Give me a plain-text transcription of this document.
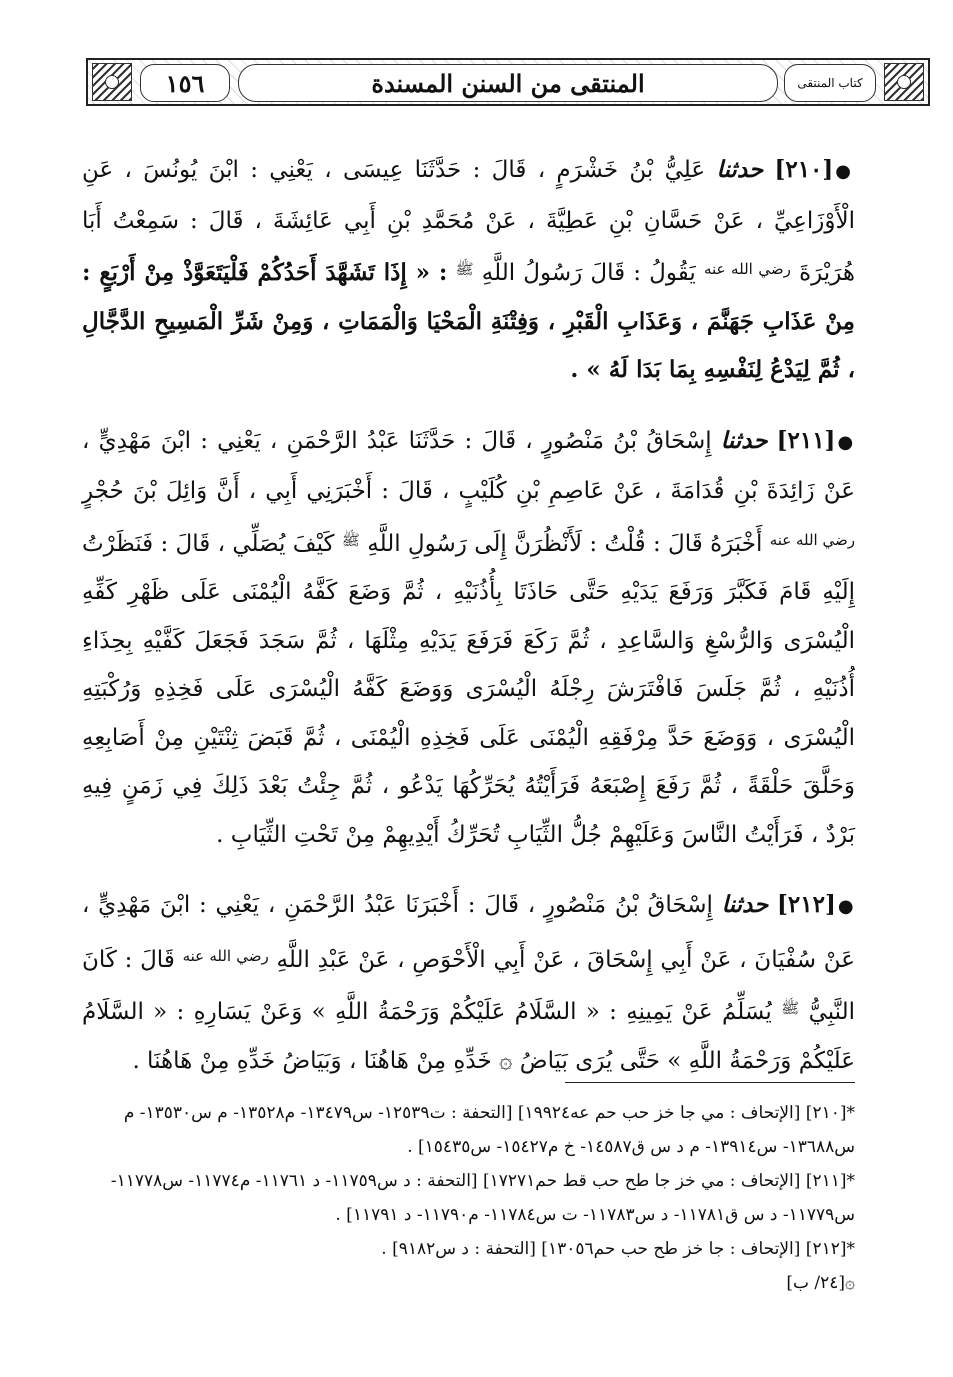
كتاب المنتقى
المنتقى من السنن المسندة
١٥٦

●[٢١٠] حدثنا عَلِيُّ بْنُ خَشْرَمٍ ، قَالَ : حَدَّثَنَا عِيسَى ، يَعْنِي : ابْنَ يُونُسَ ، عَنِ الْأَوْزَاعِيِّ ، عَنْ حَسَّانِ بْنِ عَطِيَّةَ ، عَنْ مُحَمَّدِ بْنِ أَبِي عَائِشَةَ ، قَالَ : سَمِعْتُ أَبَا هُرَيْرَةَ $^{رضي الله عنه}$ يَقُولُ : قَالَ رَسُولُ اللَّهِ $^ﷺ$ : « إِذَا تَشَهَّدَ أَحَدُكُمْ فَلْيَتَعَوَّذْ مِنْ أَرْبَعٍ : مِنْ عَذَابِ جَهَنَّمَ ، وَعَذَابِ الْقَبْرِ ، وَفِتْنَةِ الْمَحْيَا وَالْمَمَاتِ ، وَمِنْ شَرِّ الْمَسِيحِ الدَّجَّالِ ، ثُمَّ لِيَدْعُ لِنَفْسِهِ بِمَا بَدَا لَهُ » .

●[٢١١] حدثنا إِسْحَاقُ بْنُ مَنْصُورٍ ، قَالَ : حَدَّثَنَا عَبْدُ الرَّحْمَنِ ، يَعْنِي : ابْنَ مَهْدِيٍّ ، عَنْ زَائِدَةَ بْنِ قُدَامَةَ ، عَنْ عَاصِمِ بْنِ كُلَيْبٍ ، قَالَ : أَخْبَرَنِي أَبِي ، أَنَّ وَائِلَ بْنَ حُجْرٍ $^{رضي الله عنه}$ أَخْبَرَهُ قَالَ : قُلْتُ : لَأَنْظُرَنَّ إِلَى رَسُولِ اللَّهِ $^ﷺ$ كَيْفَ يُصَلِّي ، قَالَ : فَنَظَرْتُ إِلَيْهِ قَامَ فَكَبَّرَ وَرَفَعَ يَدَيْهِ حَتَّى حَاذَتَا بِأُذُنَيْهِ ، ثُمَّ وَضَعَ كَفَّهُ الْيُمْنَى عَلَى ظَهْرِ كَفِّهِ الْيُسْرَى وَالرُّسْغِ وَالسَّاعِدِ ، ثُمَّ رَكَعَ فَرَفَعَ يَدَيْهِ مِثْلَهَا ، ثُمَّ سَجَدَ فَجَعَلَ كَفَّيْهِ بِحِذَاءِ أُذُنَيْهِ ، ثُمَّ جَلَسَ فَافْتَرَشَ رِجْلَهُ الْيُسْرَى وَوَضَعَ كَفَّهُ الْيُسْرَى عَلَى فَخِذِهِ وَرُكْبَتِهِ الْيُسْرَى ، وَوَضَعَ حَدَّ مِرْفَقِهِ الْيُمْنَى عَلَى فَخِذِهِ الْيُمْنَى ، ثُمَّ قَبَضَ ثِنْتَيْنِ مِنْ أَصَابِعِهِ وَحَلَّقَ حَلْقَةً ، ثُمَّ رَفَعَ إِصْبَعَهُ فَرَأَيْتُهُ يُحَرِّكُهَا يَدْعُو ، ثُمَّ جِئْتُ بَعْدَ ذَلِكَ فِي زَمَنٍ فِيهِ بَرْدٌ ، فَرَأَيْتُ النَّاسَ وَعَلَيْهِمْ جُلُّ الثِّيَابِ تُحَرِّكُ أَيْدِيهِمْ مِنْ تَحْتِ الثِّيَابِ .

●[٢١٢] حدثنا إِسْحَاقُ بْنُ مَنْصُورٍ ، قَالَ : أَخْبَرَنَا عَبْدُ الرَّحْمَنِ ، يَعْنِي : ابْنَ مَهْدِيٍّ ، عَنْ سُفْيَانَ ، عَنْ أَبِي إِسْحَاقَ ، عَنْ أَبِي الْأَحْوَصِ ، عَنْ عَبْدِ اللَّهِ $^{رضي الله عنه}$ قَالَ : كَانَ النَّبِيُّ $^ﷺ$ يُسَلِّمُ عَنْ يَمِينِهِ : « السَّلَامُ عَلَيْكُمْ وَرَحْمَةُ اللَّهِ » وَعَنْ يَسَارِهِ : « السَّلَامُ عَلَيْكُمْ وَرَحْمَةُ اللَّهِ » حَتَّى يُرَى بَيَاضُ ۞ خَدِّهِ مِنْ هَاهُنَا ، وَبَيَاضُ خَدِّهِ مِنْ هَاهُنَا .

*[٢١٠] [الإتحاف : مي جا خز حب حم عه١٩٩٢٤] [التحفة : ت١٢٥٣٩- س١٣٤٧٩- م١٣٥٢٨- م س١٣٥٣٠- م س١٣٦٨٨- س١٣٩١٤- م د س ق١٤٥٨٧- خ م١٥٤٢٧- س١٥٤٣٥] .

*[٢١١] [الإتحاف : مي خز جا طح حب قط حم١٧٢٧١] [التحفة : د س١١٧٥٩- د ١١٧٦١- م١١٧٧٤- س١١٧٧٨- س١١٧٧٩- د س ق١١٧٨١- د س١١٧٨٣- ت س١١٧٨٤- م١١٧٩٠- د ١١٧٩١] .

*[٢١٢] [الإتحاف : جا خز طح حب حم١٣٠٥٦] [التحفة : د س٩١٨٢] .

۞[٢٤/ ب]
